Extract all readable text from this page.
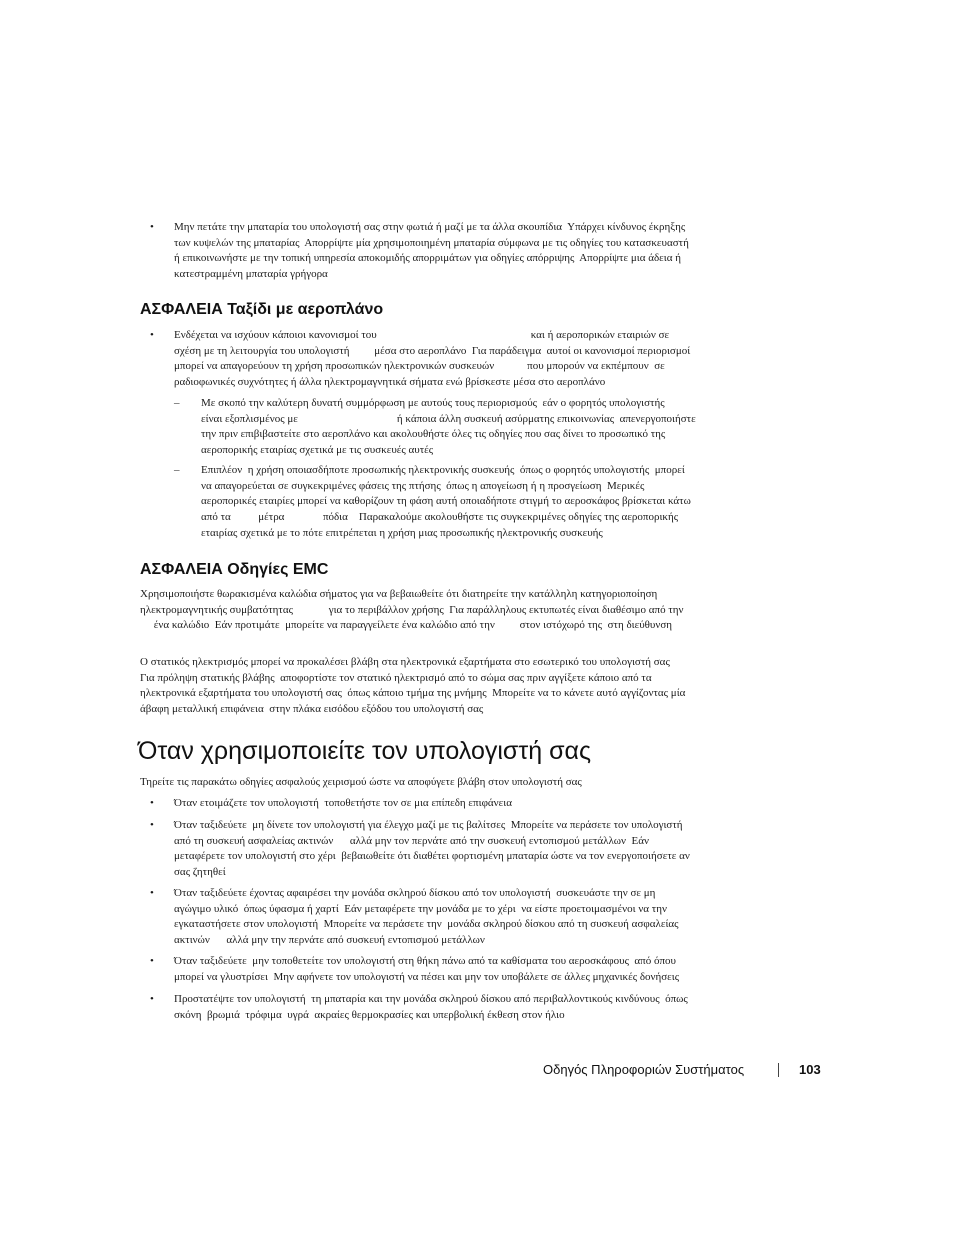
• Μην πετάτε την μπαταρία του υπολογιστή σας στην φωτιά ή μαζί με τα άλλα σκουπίδια  Υπάρχει κίνδυνος έκρηξης
των κυψελών της μπαταρίας  Απορρίψτε μία χρησιμοποιημένη μπαταρία σύμφωνα με τις οδηγίες του κατασκευαστή
ή επικοινωνήστε με την τοπική υπηρεσία αποκομιδής απορριμάτων για οδηγίες απόρριψης  Απορρίψτε μια άδεια ή
κατεστραμμένη μπαταρία γρήγορα
ΑΣΦΑΛΕΙΑ Ταξίδι με αεροπλάνο
• Ενδέχεται να ισχύουν κάποιοι κανονισμοί του                                                        και ή αεροπορικών εταιριών σε
σχέση με τη λειτουργία του υπολογιστή         μέσα στο αεροπλάνο  Για παράδειγμα  αυτοί οι κανονισμοί περιορισμοί
μπορεί να απαγορεύουν τη χρήση προσωπικών ηλεκτρονικών συσκευών            που μπορούν να εκπέμπουν  σε
ραδιοφωνικές συχνότητες ή άλλα ηλεκτρομαγνητικά σήματα ενώ βρίσκεστε μέσα στο αεροπλάνο
– Με σκοπό την καλύτερη δυνατή συμμόρφωση με αυτούς τους περιορισμούς  εάν ο φορητός υπολογιστής
είναι εξοπλισμένος με                                    ή κάποια άλλη συσκευή ασύρματης επικοινωνίας  απενεργοποιήστε
την πριν επιβιβαστείτε στο αεροπλάνο και ακολουθήστε όλες τις οδηγίες που σας δίνει το προσωπικό της
αεροπορικής εταιρίας σχετικά με τις συσκευές αυτές
– Επιπλέον  η χρήση οποιασδήποτε προσωπικής ηλεκτρονικής συσκευής  όπως ο φορητός υπολογιστής  μπορεί
να απαγορεύεται σε συγκεκριμένες φάσεις της πτήσης  όπως η απογείωση ή η προσγείωση  Μερικές
αεροπορικές εταιρίες μπορεί να καθορίζουν τη φάση αυτή οποιαδήποτε στιγμή το αεροσκάφος βρίσκεται κάτω
από τα          μέτρα              πόδια    Παρακαλούμε ακολουθήστε τις συγκεκριμένες οδηγίες της αεροπορικής
εταιρίας σχετικά με το πότε επιτρέπεται η χρήση μιας προσωπικής ηλεκτρονικής συσκευής
ΑΣΦΑΛΕΙΑ Οδηγίες EMC
Χρησιμοποιήστε θωρακισμένα καλώδια σήματος για να βεβαιωθείτε ότι διατηρείτε την κατάλληλη κατηγοριοποίηση
ηλεκτρομαγνητικής συμβατότητας             για το περιβάλλον χρήσης  Για παράλληλους εκτυπωτές είναι διαθέσιμο από την
ένα καλώδιο  Εάν προτιμάτε  μπορείτε να παραγγείλετε ένα καλώδιο από την         στον ιστόχωρό της  στη διεύθυνση
Ο στατικός ηλεκτρισμός μπορεί να προκαλέσει βλάβη στα ηλεκτρονικά εξαρτήματα στο εσωτερικό του υπολογιστή σας
Για πρόληψη στατικής βλάβης  αποφορτίστε τον στατικό ηλεκτρισμό από το σώμα σας πριν αγγίξετε κάποιο από τα
ηλεκτρονικά εξαρτήματα του υπολογιστή σας  όπως κάποιο τμήμα της μνήμης  Μπορείτε να το κάνετε αυτό αγγίζοντας μία
άβαφη μεταλλική επιφάνεια  στην πλάκα εισόδου εξόδου του υπολογιστή σας
Όταν χρησιμοποιείτε τον υπολογιστή σας
Τηρείτε τις παρακάτω οδηγίες ασφαλούς χειρισμού ώστε να αποφύγετε βλάβη στον υπολογιστή σας
• Όταν ετοιμάζετε τον υπολογιστή  τοποθετήστε τον σε μια επίπεδη επιφάνεια
• Όταν ταξιδεύετε  μη δίνετε τον υπολογιστή για έλεγχο μαζί με τις βαλίτσες  Μπορείτε να περάσετε τον υπολογιστή
από τη συσκευή ασφαλείας ακτινών      αλλά μην τον περνάτε από την συσκευή εντοπισμού μετάλλων  Εάν
μεταφέρετε τον υπολογιστή στο χέρι  βεβαιωθείτε ότι διαθέτει φορτισμένη μπαταρία ώστε να τον ενεργοποιήσετε αν
σας ζητηθεί
• Όταν ταξιδεύετε έχοντας αφαιρέσει την μονάδα σκληρού δίσκου από τον υπολογιστή  συσκευάστε την σε μη
αγώγιμο υλικό  όπως ύφασμα ή χαρτί  Εάν μεταφέρετε την μονάδα με το χέρι  να είστε προετοιμασμένοι να την
εγκαταστήσετε στον υπολογιστή  Μπορείτε να περάσετε την  μονάδα σκληρού δίσκου από τη συσκευή ασφαλείας
ακτινών      αλλά μην την περνάτε από συσκευή εντοπισμού μετάλλων
• Όταν ταξιδεύετε  μην τοποθετείτε τον υπολογιστή στη θήκη πάνω από τα καθίσματα του αεροσκάφους  από όπου
μπορεί να γλυστρίσει  Μην αφήνετε τον υπολογιστή να πέσει και μην τον υποβάλετε σε άλλες μηχανικές δονήσεις
• Προστατέψτε τον υπολογιστή  τη μπαταρία και την μονάδα σκληρού δίσκου από περιβαλλοντικούς κινδύνους  όπως
σκόνη  βρωμιά  τρόφιμα  υγρά  ακραίες θερμοκρασίες και υπερβολική έκθεση στον ήλιο
Οδηγός Πληροφοριών Συστήματος	103
